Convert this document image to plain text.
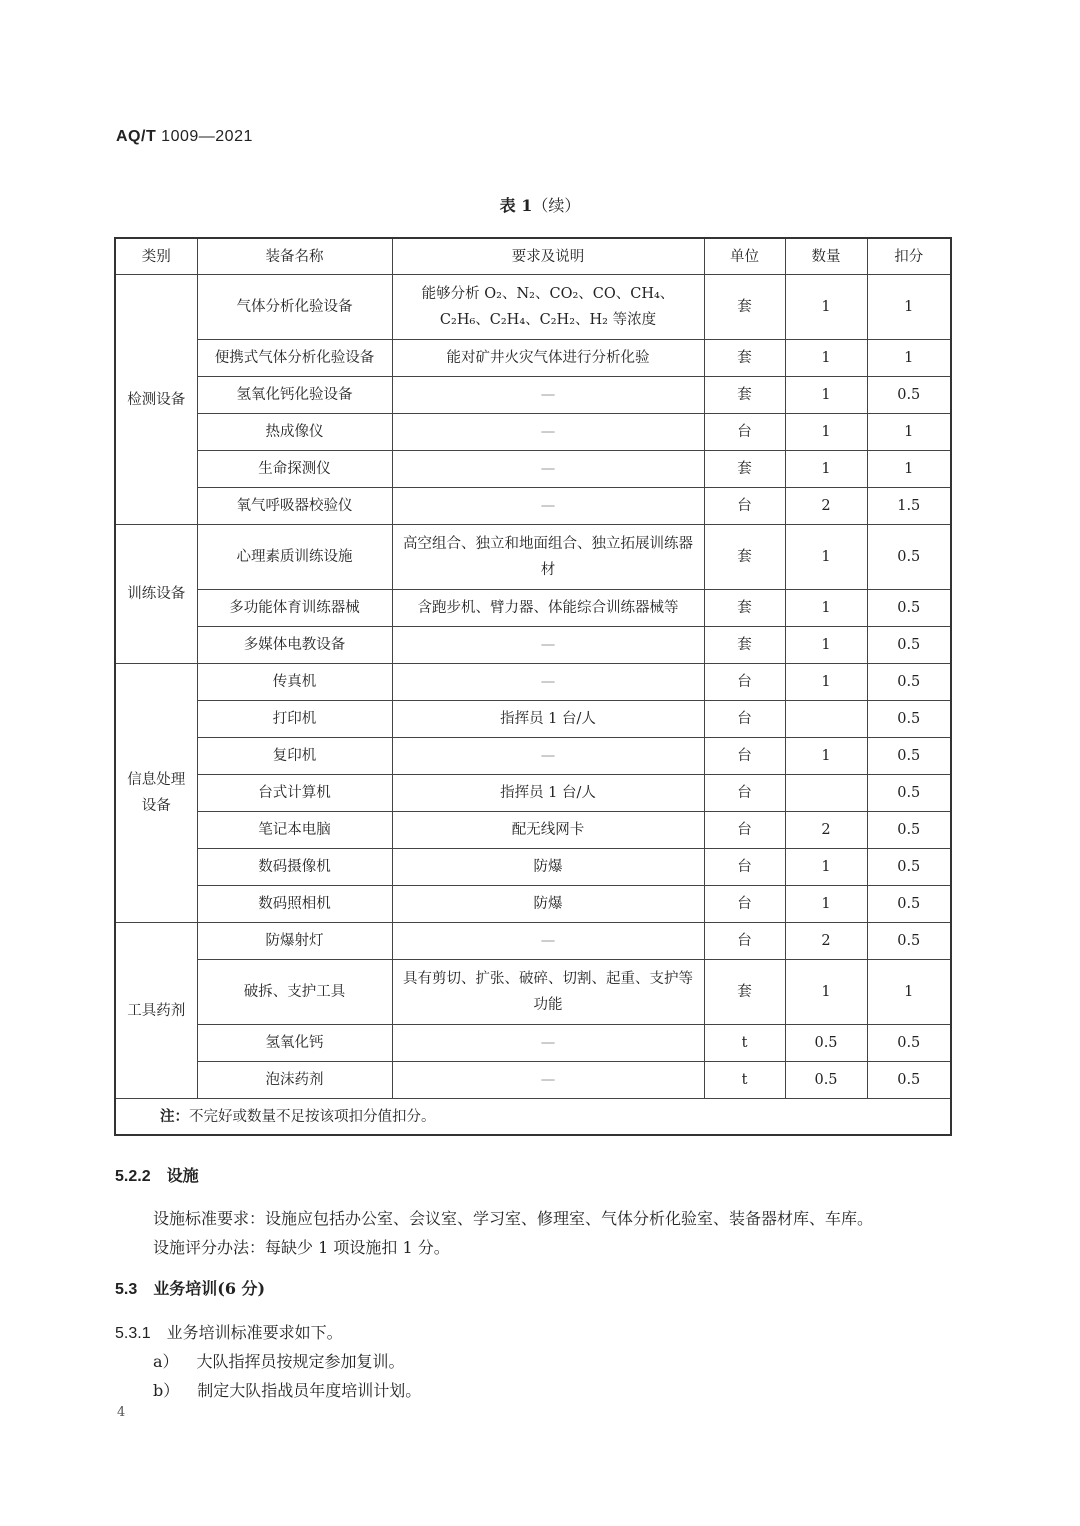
AQ/T 1009—2021
表 1（续）
类别	装备名称	要求及说明	单位	数量	扣分
检测设备	气体分析化验设备	能够分析 O₂、N₂、CO₂、CO、CH₄、C₂H₆、C₂H₄、C₂H₂、H₂ 等浓度	套	1	1
	便携式气体分析化验设备	能对矿井火灾气体进行分析化验	套	1	1
	氢氧化钙化验设备	—	套	1	0.5
	热成像仪	—	台	1	1
	生命探测仪	—	套	1	1
	氧气呼吸器校验仪	—	台	2	1.5
训练设备	心理素质训练设施	高空组合、独立和地面组合、独立拓展训练器材	套	1	0.5
	多功能体育训练器械	含跑步机、臂力器、体能综合训练器械等	套	1	0.5
	多媒体电教设备	—	套	1	0.5
信息处理设备	传真机	—	台	1	0.5
	打印机	指挥员 1 台/人	台		0.5
	复印机	—	台	1	0.5
	台式计算机	指挥员 1 台/人	台		0.5
	笔记本电脑	配无线网卡	台	2	0.5
	数码摄像机	防爆	台	1	0.5
	数码照相机	防爆	台	1	0.5
工具药剂	防爆射灯	—	台	2	0.5
	破拆、支护工具	具有剪切、扩张、破碎、切割、起重、支护等功能	套	1	1
	氢氧化钙	—	t	0.5	0.5
	泡沫药剂	—	t	0.5	0.5
注：不完好或数量不足按该项扣分值扣分。					
5.2.2 设施
设施标准要求：设施应包括办公室、会议室、学习室、修理室、气体分析化验室、装备器材库、车库。
设施评分办法：每缺少 1 项设施扣 1 分。
5.3 业务培训(6 分)
5.3.1 业务培训标准要求如下。
a） 大队指挥员按规定参加复训。
b） 制定大队指战员年度培训计划。
4
